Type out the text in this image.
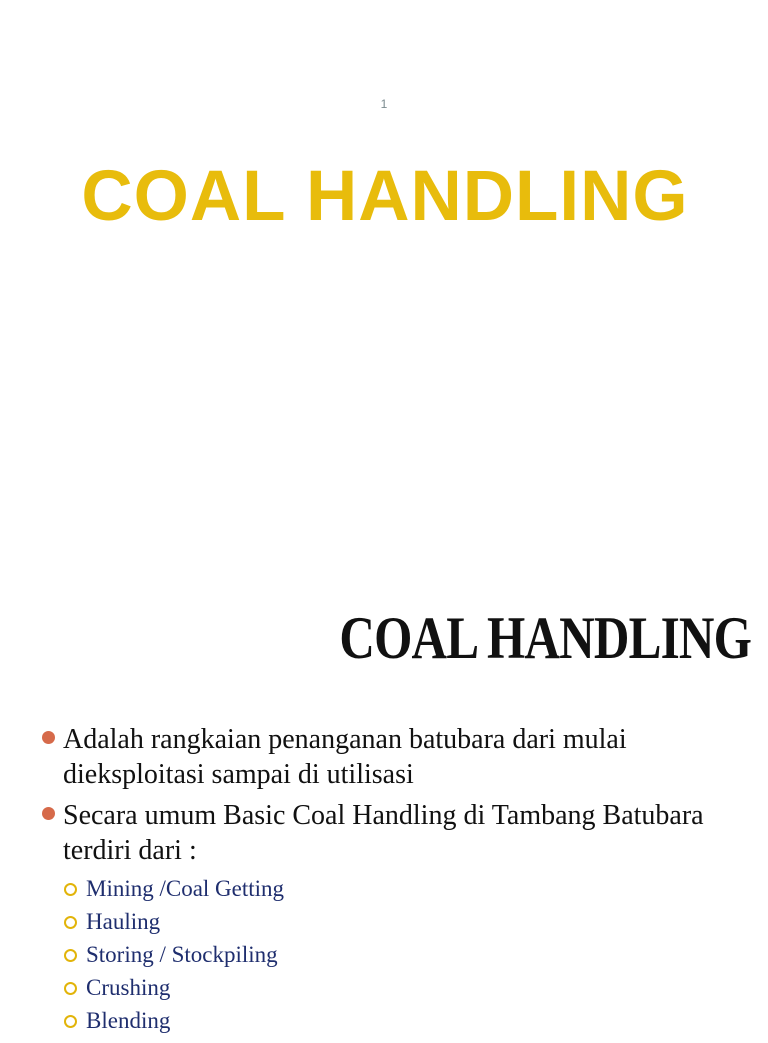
1
COAL HANDLING
COAL HANDLING
Adalah rangkaian penanganan batubara dari mulai dieksploitasi sampai di utilisasi
Secara umum Basic Coal Handling di Tambang Batubara terdiri dari :
Mining /Coal Getting
Hauling
Storing / Stockpiling
Crushing
Blending
